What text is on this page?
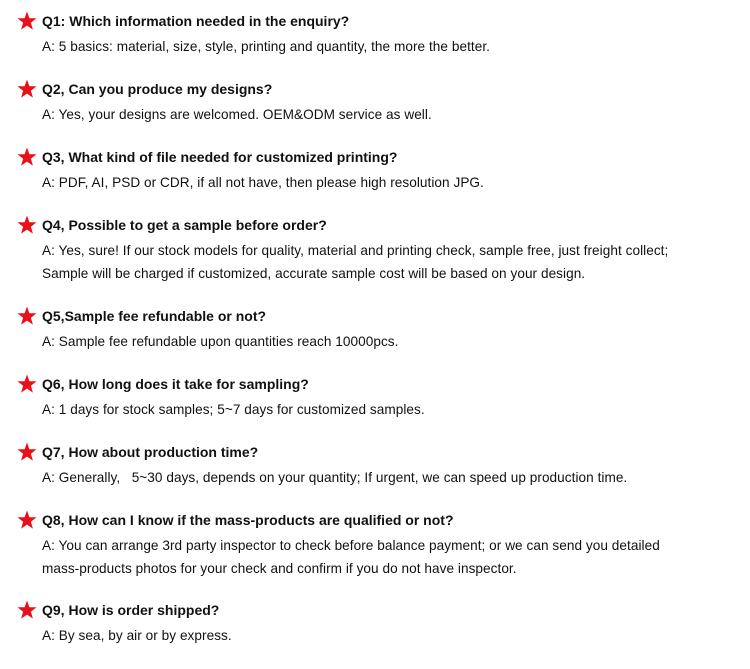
Q1: Which information needed in the enquiry?
A: 5 basics: material, size, style, printing and quantity, the more the better.
Q2, Can you produce my designs?
A: Yes, your designs are welcomed. OEM&ODM service as well.
Q3, What kind of file needed for customized printing?
A: PDF, AI, PSD or CDR, if all not have, then please high resolution JPG.
Q4, Possible to get a sample before order?
A: Yes, sure! If our stock models for quality, material and printing check, sample free, just freight collect;
Sample will be charged if customized, accurate sample cost will be based on your design.
Q5,Sample fee refundable or not?
A: Sample fee refundable upon quantities reach 10000pcs.
Q6, How long does it take for sampling?
A: 1 days for stock samples; 5~7 days for customized samples.
Q7, How about production time?
A: Generally,   5~30 days, depends on your quantity; If urgent, we can speed up production time.
Q8, How can I know if the mass-products are qualified or not?
A: You can arrange 3rd party inspector to check before balance payment; or we can send you detailed
mass-products photos for your check and confirm if you do not have inspector.
Q9, How is order shipped?
A: By sea, by air or by express.
